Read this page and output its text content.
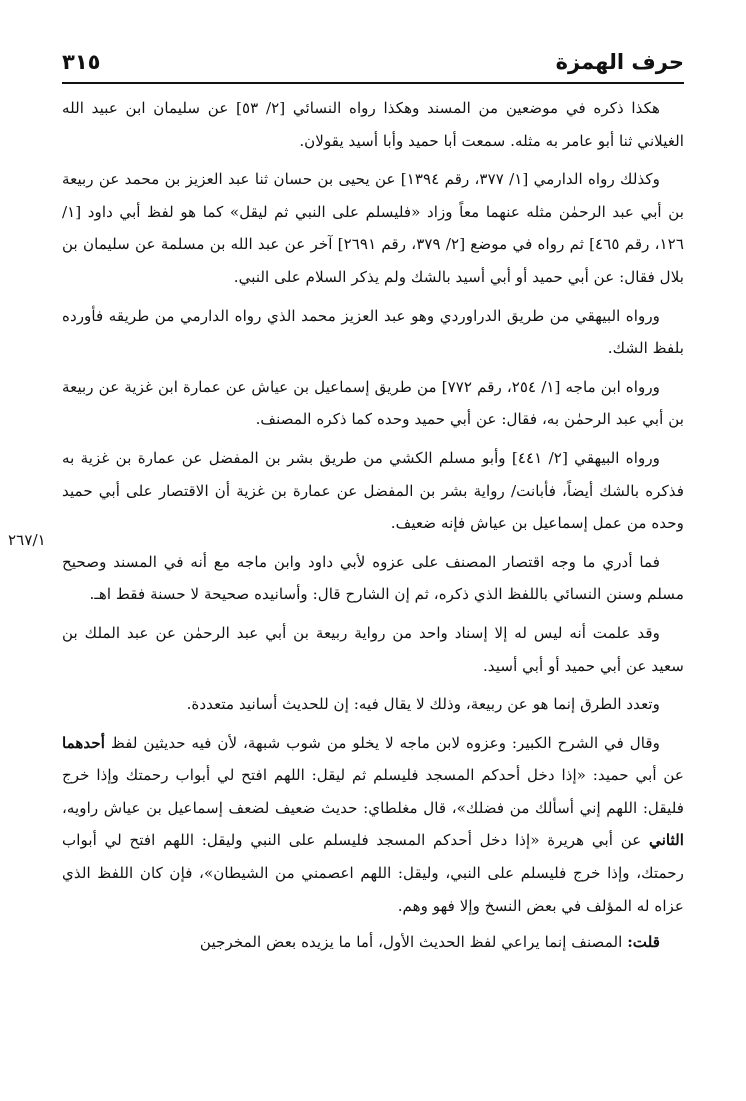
حرف الهمزة
٣١٥
٢٦٧/١

هكذا ذكره في موضعين من المسند وهكذا رواه النسائي [٢/ ٥٣] عن سليمان ابن عبيد الله الغيلاني ثنا أبو عامر به مثله. سمعت أبا حميد وأبا أسيد يقولان.

وكذلك رواه الدارمي [١/ ٣٧٧، رقم ١٣٩٤] عن يحيى بن حسان ثنا عبد العزيز بن محمد عن ربيعة بن أبي عبد الرحمٰن مثله عنهما معاً وزاد «فليسلم على النبي ثم ليقل» كما هو لفظ أبي داود [١/ ١٢٦، رقم ٤٦٥] ثم رواه في موضع [٢/ ٣٧٩، رقم ٢٦٩١] آخر عن عبد الله بن مسلمة عن سليمان بن بلال فقال: عن أبي حميد أو أبي أسيد بالشك ولم يذكر السلام على النبي.

ورواه البيهقي من طريق الدراوردي وهو عبد العزيز محمد الذي رواه الدارمي من طريقه فأورده بلفظ الشك.

ورواه ابن ماجه [١/ ٢٥٤، رقم ٧٧٢] من طريق إسماعيل بن عياش عن عمارة ابن غزية عن ربيعة بن أبي عبد الرحمٰن به، فقال: عن أبي حميد وحده كما ذكره المصنف.

ورواه البيهقي [٢/ ٤٤١] وأبو مسلم الكشي من طريق بشر بن المفضل عن عمارة بن غزية به فذكره بالشك أيضاً، فأبانت/ رواية بشر بن المفضل عن عمارة بن غزية أن الاقتصار على أبي حميد وحده من عمل إسماعيل بن عياش فإنه ضعيف.

فما أدري ما وجه اقتصار المصنف على عزوه لأبي داود وابن ماجه مع أنه في المسند وصحيح مسلم وسنن النسائي باللفظ الذي ذكره، ثم إن الشارح قال: وأسانيده صحيحة لا حسنة فقط اهـ.

وقد علمت أنه ليس له إلا إسناد واحد من رواية ربيعة بن أبي عبد الرحمٰن عن عبد الملك بن سعيد عن أبي حميد أو أبي أسيد.

وتعدد الطرق إنما هو عن ربيعة، وذلك لا يقال فيه: إن للحديث أسانيد متعددة.

وقال في الشرح الكبير: وعزوه لابن ماجه لا يخلو من شوب شبهة، لأن فيه حديثين لفظ أحدهما عن أبي حميد: «إذا دخل أحدكم المسجد فليسلم ثم ليقل: اللهم افتح لي أبواب رحمتك وإذا خرج فليقل: اللهم إني أسألك من فضلك»، قال مغلطاي: حديث ضعيف لضعف إسماعيل بن عياش راويه، الثاني عن أبي هريرة «إذا دخل أحدكم المسجد فليسلم على النبي وليقل: اللهم افتح لي أبواب رحمتك، وإذا خرج فليسلم على النبي، وليقل: اللهم اعصمني من الشيطان»، فإن كان اللفظ الذي عزاه له المؤلف في بعض النسخ وإلا فهو وهم.

قلت: المصنف إنما يراعي لفظ الحديث الأول، أما ما يزيده بعض المخرجين
